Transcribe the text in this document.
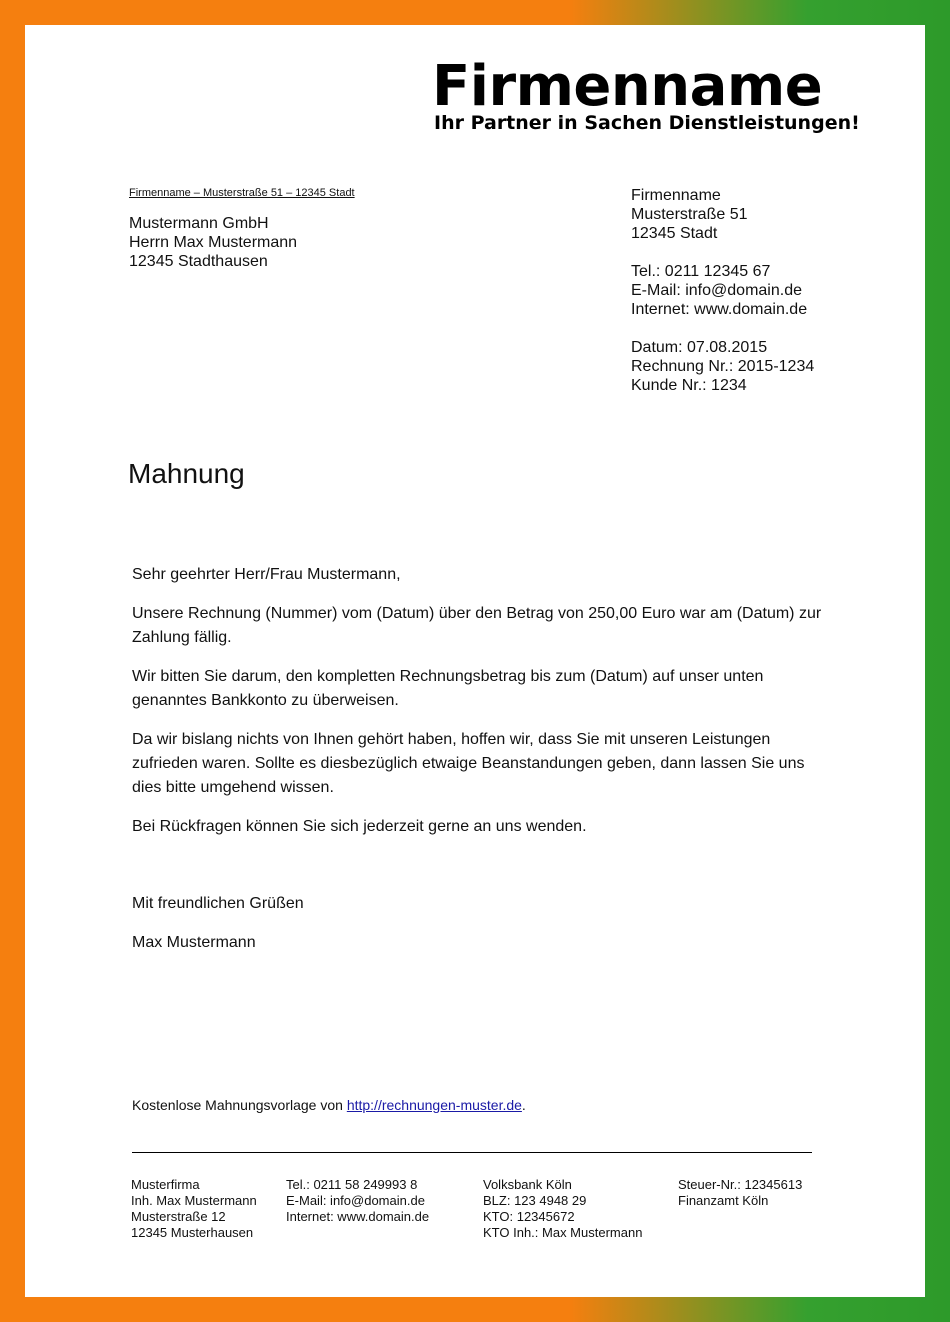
Firmenname
Ihr Partner in Sachen Dienstleistungen!
Firmenname – Musterstraße 51 – 12345 Stadt
Mustermann GmbH
Herrn Max Mustermann
12345 Stadthausen
Firmenname
Musterstraße 51
12345 Stadt
Tel.: 0211 12345 67
E-Mail: info@domain.de
Internet: www.domain.de
Datum: 07.08.2015
Rechnung Nr.: 2015-1234
Kunde Nr.: 1234
Mahnung

Sehr geehrter Herr/Frau Mustermann,

Unsere Rechnung (Nummer) vom (Datum) über den Betrag von 250,00 Euro war am (Datum) zur Zahlung fällig.

Wir bitten Sie darum, den kompletten Rechnungsbetrag bis zum (Datum) auf unser unten genanntes Bankkonto zu überweisen.

Da wir bislang nichts von Ihnen gehört haben, hoffen wir, dass Sie mit unseren Leistungen zufrieden waren. Sollte es diesbezüglich etwaige Beanstandungen geben, dann lassen Sie uns dies bitte umgehend wissen.

Bei Rückfragen können Sie sich jederzeit gerne an uns wenden.

Mit freundlichen Grüßen
Max Mustermann
Kostenlose Mahnungsvorlage von http://rechnungen-muster.de.
Musterfirma
Inh. Max Mustermann
Musterstraße 12
12345 Musterhausen
Tel.: 0211 58 249993 8
E-Mail: info@domain.de
Internet: www.domain.de
Volksbank Köln
BLZ: 123 4948 29
KTO: 12345672
KTO Inh.: Max Mustermann
Steuer-Nr.: 12345613
Finanzamt Köln
